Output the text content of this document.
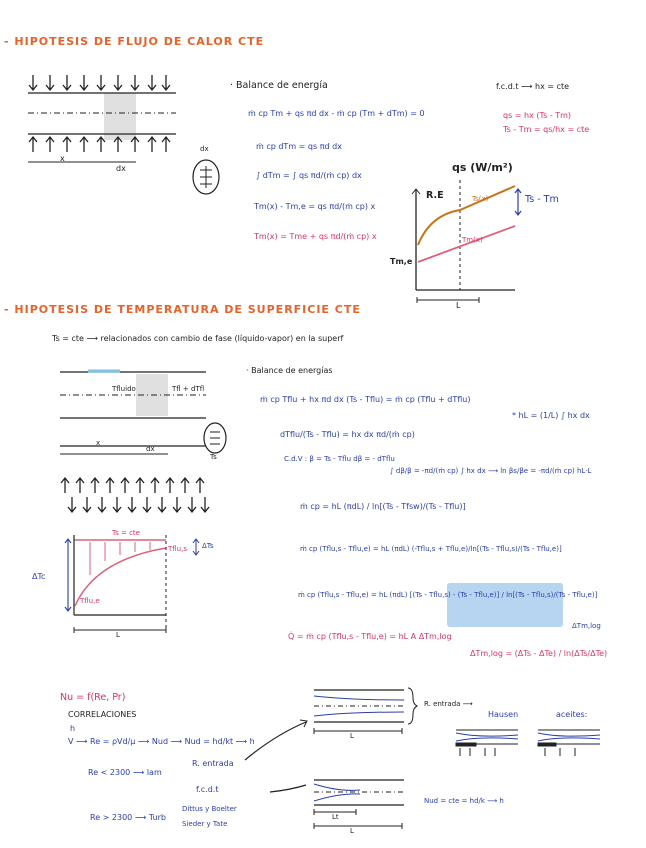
- HIPOTESIS DE FLUJO DE CALOR CTE
x
dx
dx
· Balance de energía
ṁ cp Tm + qs πd dx - ṁ cp (Tm + dTm) = 0
ṁ cp dTm = qs πd dx
∫ dTm = ∫ qs πd/(ṁ cp) dx
Tm(x) - Tm,e = qs πd/(ṁ cp) x
Tm(x) = Tme + qs πd/(ṁ cp) x
f.c.d.t ⟶ hx = cte
qs = hx (Ts - Tm)
Ts - Tm = qs/hx = cte
qs (W/m²)
R.E	Ts(x)
Tm(x)
Tm,e
Ts - Tm
L
- HIPOTESIS DE TEMPERATURA DE SUPERFICIE CTE
Ts = cte ⟶ relacionados con cambio de fase (líquido-vapor) en la superf
Tfluido	Tfl + dTfl
x
dx
Ts
Ts = cte
Tflu,s
Tflu,e
ΔTc
ΔTs
L
· Balance de energías
ṁ cp Tflu + hx πd dx (Ts - Tflu) = ṁ cp (Tflu + dTflu)
dTflu/(Ts - Tflu) = hx dx πd/(ṁ cp)
* hL = (1/L) ∫ hx dx
C.d.V : β = Ts - Tflu dβ = - dTflu
∫ dβ/β = -πd/(ṁ cp) ∫ hx dx ⟶ ln βs/βe = -πd/(ṁ cp) hL·L
ṁ cp = hL (πdL) / ln[(Ts - Tfsw)/(Ts - Tflu)]
ṁ cp (Tflu,s - Tflu,e) = hL (πdL) (-Tflu,s + Tflu,e)/ln[(Ts - Tflu,s)/(Ts - Tflu,e)]
ṁ cp (Tflu,s - Tflu,e) = hL (πdL) [(Ts - Tflu,s) - (Ts - Tflu,e)] / ln[(Ts - Tflu,s)/(Ts - Tflu,e)]
ΔTm,log
Q̇ = ṁ cp (Tflu,s - Tflu,e) = hL A ΔTm,log
ΔTm,log = (ΔTs - ΔTe) / ln(ΔTs/ΔTe)
Nu = f(Re, Pr)
CORRELACIONES
h
V ⟶ Re = ρVd/μ ⟶ Nud ⟶ Nud = hd/kt ⟶ h
Re < 2300 ⟶ lam
R. entrada
f.c.d.t
Re > 2300 ⟶ Turb
Dittus y Boelter
Sieder y Tate
R. entrada ⟶
Hausen	aceites:
Nud = cte = hd/k ⟶ h
L
Lt
L
